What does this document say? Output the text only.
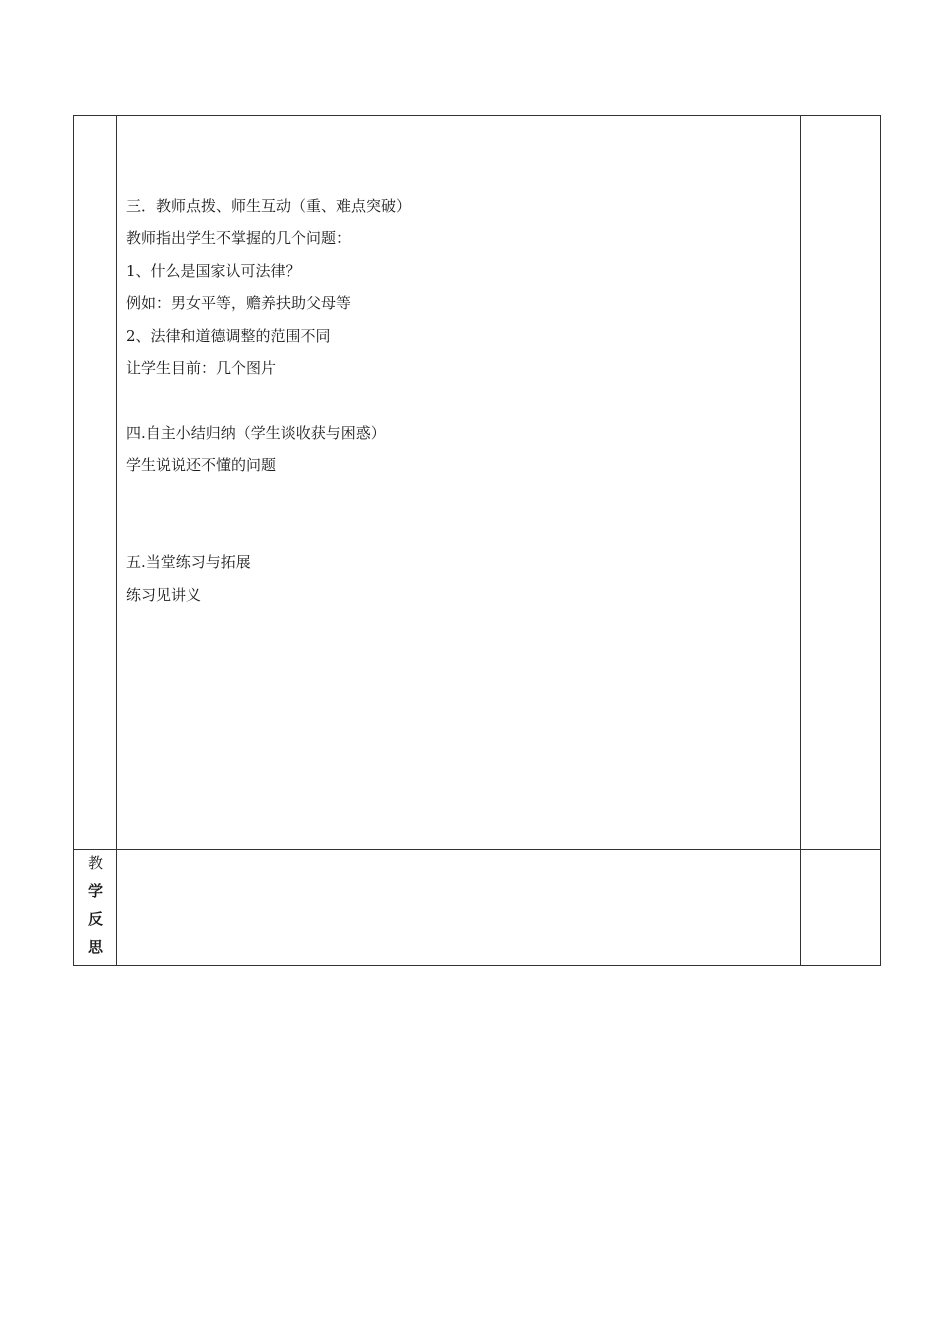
三．教师点拨、师生互动（重、难点突破）
教师指出学生不掌握的几个问题：
1、什么是国家认可法律？
例如：男女平等，赡养扶助父母等
2、法律和道德调整的范围不同
让学生目前：几个图片
四.自主小结归纳（学生谈收获与困惑）
学生说说还不懂的问题
五.当堂练习与拓展
练习见讲义
教
学
反
思
